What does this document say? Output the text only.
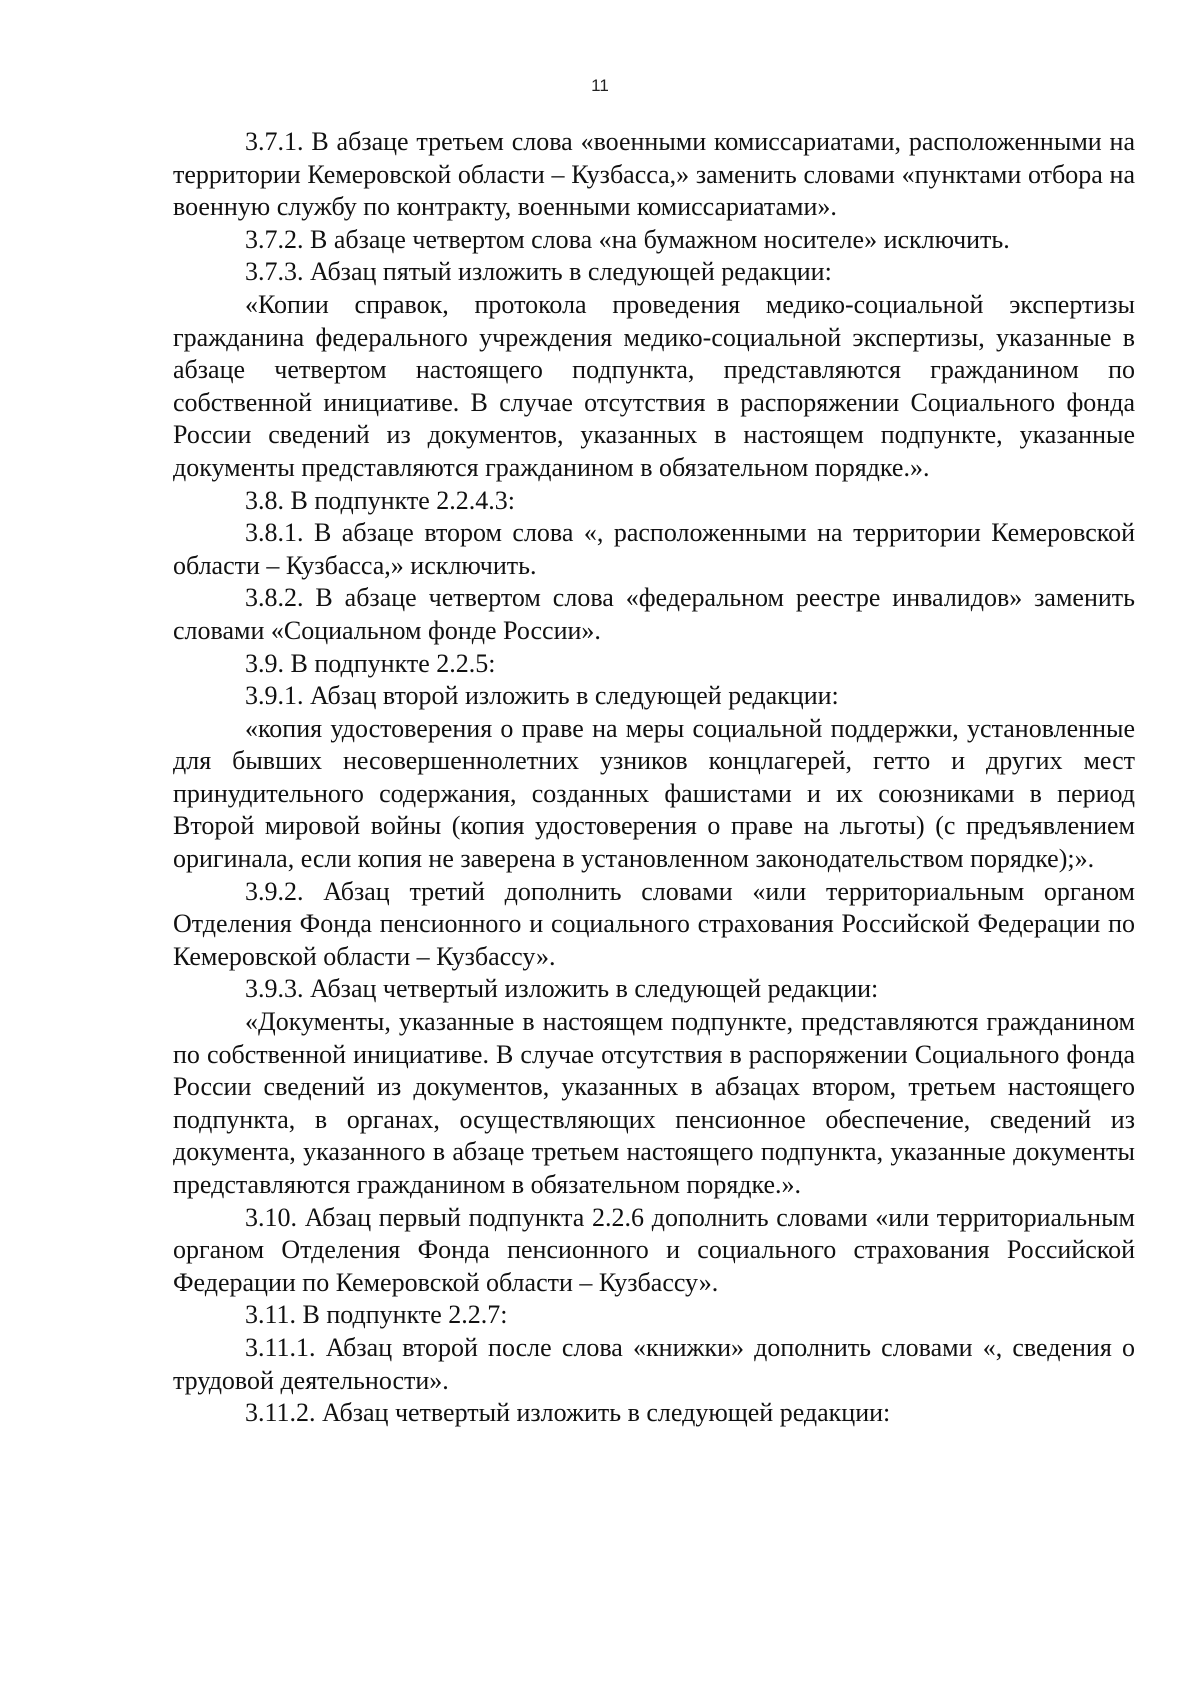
11

3.7.1. В абзаце третьем слова «военными комиссариатами, расположенными на территории Кемеровской области – Кузбасса,» заменить словами «пунктами отбора на военную службу по контракту, военными комиссариатами».

3.7.2. В абзаце четвертом слова «на бумажном носителе» исключить.

3.7.3. Абзац пятый изложить в следующей редакции:

«Копии справок, протокола проведения медико-социальной экспертизы гражданина федерального учреждения медико-социальной экспертизы, указанные в абзаце четвертом настоящего подпункта, представляются гражданином по собственной инициативе. В случае отсутствия в распоряжении Социального фонда России сведений из документов, указанных в настоящем подпункте, указанные документы представляются гражданином в обязательном порядке.».

3.8. В подпункте 2.2.4.3:

3.8.1. В абзаце втором слова «, расположенными на территории Кемеровской области – Кузбасса,» исключить.

3.8.2. В абзаце четвертом слова «федеральном реестре инвалидов» заменить словами «Социальном фонде России».

3.9. В подпункте 2.2.5:

3.9.1. Абзац второй изложить в следующей редакции:

«копия удостоверения о праве на меры социальной поддержки, установленные для бывших несовершеннолетних узников концлагерей, гетто и других мест принудительного содержания, созданных фашистами и их союзниками в период Второй мировой войны (копия удостоверения о праве на льготы) (с предъявлением оригинала, если копия не заверена в установленном законодательством порядке);».

3.9.2. Абзац третий дополнить словами «или территориальным органом Отделения Фонда пенсионного и социального страхования Российской Федерации по Кемеровской области – Кузбассу».

3.9.3. Абзац четвертый изложить в следующей редакции:

«Документы, указанные в настоящем подпункте, представляются гражданином по собственной инициативе. В случае отсутствия в распоряжении Социального фонда России сведений из документов, указанных в абзацах втором, третьем настоящего подпункта, в органах, осуществляющих пенсионное обеспечение, сведений из документа, указанного в абзаце третьем настоящего подпункта, указанные документы представляются гражданином в обязательном порядке.».

3.10. Абзац первый подпункта 2.2.6 дополнить словами «или территориальным органом Отделения Фонда пенсионного и социального страхования Российской Федерации по Кемеровской области – Кузбассу».

3.11. В подпункте 2.2.7:

3.11.1. Абзац второй после слова «книжки» дополнить словами «, сведения о трудовой деятельности».

3.11.2. Абзац четвертый изложить в следующей редакции:
